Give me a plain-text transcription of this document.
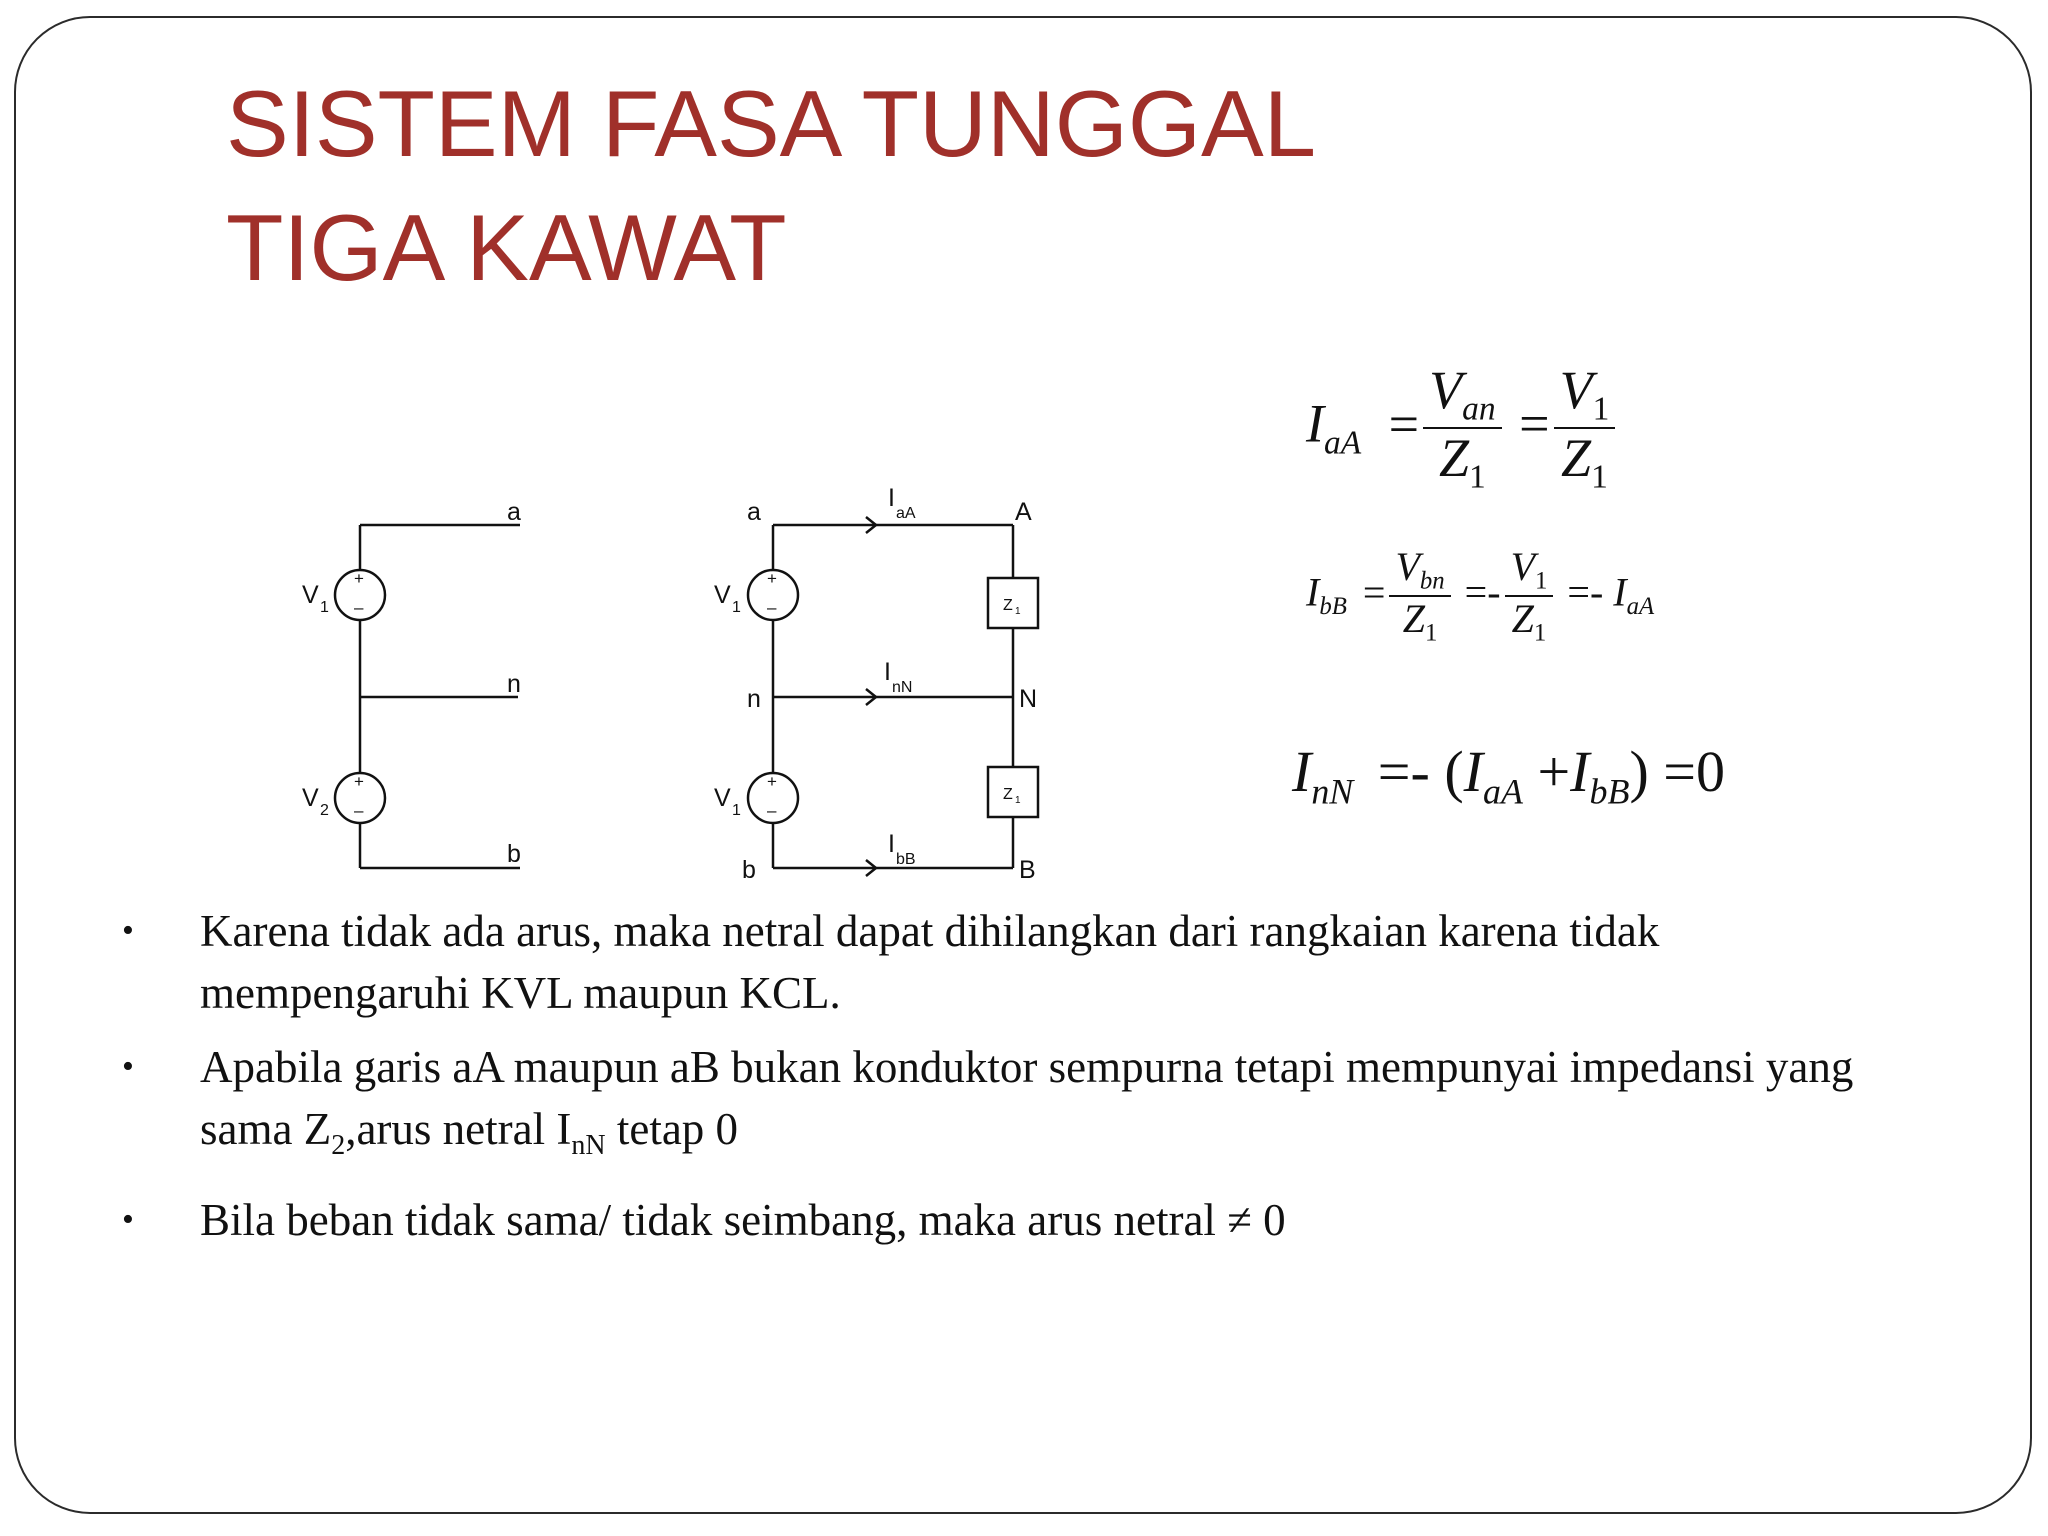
SISTEM FASA TUNGGAL
TIGA KAWAT
a
n
b
V 1
V 2
+
–
+
–
a
n
b
A
N
B
V 1
V 1
+
–
+
–
I
aA
I
nN
I
bB
Z 1
Z 1
$I_{aA} = \frac{V_{an}}{Z_1} = \frac{V_1}{Z_1}$
$I_{bB} = \frac{V_{bn}}{Z_1} =- \frac{V_1}{Z_1} =- I_{aA}$
$I_{nN} =- (I_{aA} +I_{bB}) =0$
• Karena tidak ada arus, maka netral dapat dihilangkan dari rangkaian karena tidak mempengaruhi KVL maupun KCL.
• Apabila garis aA maupun aB bukan konduktor sempurna tetapi mempunyai impedansi yang sama $Z_2,arus$ netral $I_{nN}$ tetap 0
• Bila beban tidak sama/ tidak seimbang, maka arus netral ≠ 0
